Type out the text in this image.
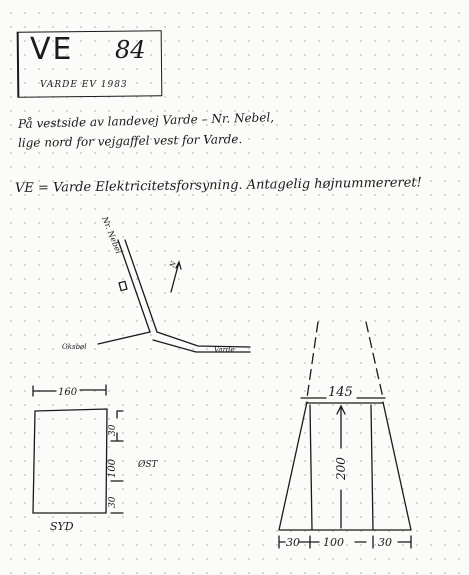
VE 84
VARDE EV 1983
På vestside av landevej Varde – Nr. Nebel,
lige nord for vejgaffel vest for Varde.
VE = Varde Elektricitetsforsyning. Antagelig højnummereret!
N
Nr. Nebel
Oksbøl	Varde
160
30
100
30
ØST
SYD
145
200
30 100	30
